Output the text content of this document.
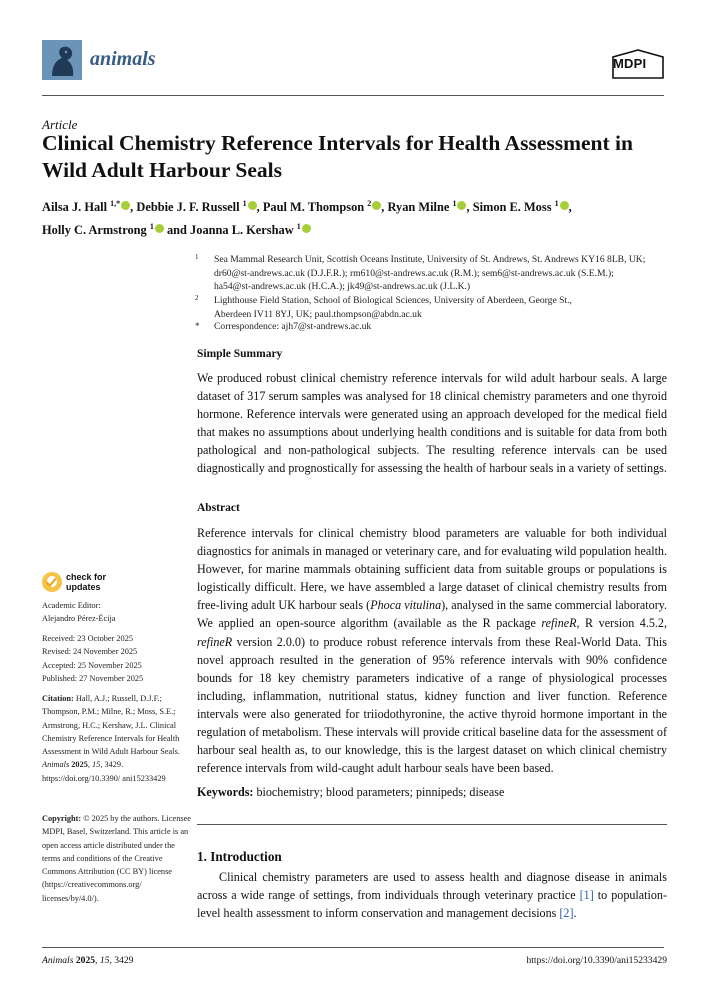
animals	MDPI
Article
Clinical Chemistry Reference Intervals for Health Assessment in
Wild Adult Harbour Seals
Ailsa J. Hall $^{1,*}$ , Debbie J. F. Russell $^1$ , Paul M. Thompson $^2$ , Ryan Milne $^1$ , Simon E. Moss $^1$ ,
Holly C. Armstrong $^1$ and Joanna L. Kershaw $^1$
1 Sea Mammal Research Unit, Scottish Oceans Institute, University of St. Andrews, St. Andrews KY16 8LB, UK;
dr60@st-andrews.ac.uk (D.J.F.R.); rm610@st-andrews.ac.uk (R.M.); sem6@st-andrews.ac.uk (S.E.M.);
ha54@st-andrews.ac.uk (H.C.A.); jk49@st-andrews.ac.uk (J.L.K.)
2 Lighthouse Field Station, School of Biological Sciences, University of Aberdeen, George St.,
Aberdeen IV11 8YJ, UK; paul.thompson@abdn.ac.uk
* Correspondence: ajh7@st-andrews.ac.uk
Simple Summary

We produced robust clinical chemistry reference intervals for wild adult harbour seals. A large dataset of 317 serum samples was analysed for 18 clinical chemistry parameters and one thyroid hormone. Reference intervals were generated using an approach developed for the medical field that makes no assumptions about underlying health conditions and is suitable for data from both pathological and non-pathological subjects. The resulting reference intervals can be used diagnostically and prognostically for assessing the health of harbour seals in a variety of settings.

Abstract

Reference intervals for clinical chemistry blood parameters are valuable for both individual diagnostics for animals in managed or veterinary care, and for evaluating wild population health. However, for marine mammals obtaining sufficient data from suitable groups or populations is logistically difficult. Here, we have assembled a large dataset of clinical chemistry results from free-living adult UK harbour seals (Phoca vitulina), analysed in the same commercial laboratory. We applied an open-source algorithm (available as the R package refineR, R version 4.5.2, refineR version 2.0.0) to produce robust reference intervals from these Real-World Data. This novel approach resulted in the generation of 95% reference intervals with 90% confidence bounds for 18 key chemistry parameters indicative of a range of physiological processes including, inflammation, nutritional status, kidney function and liver function. Reference intervals were also generated for triiodothyronine, the active thyroid hormone important in the regulation of metabolism. These intervals will provide critical baseline data for the assessment of harbour seal health as, to our knowledge, this is the largest dataset on which clinical chemistry reference intervals from wild-caught adult harbour seals have been based.

Keywords: biochemistry; blood parameters; pinnipeds; disease
1. Introduction

Clinical chemistry parameters are used to assess health and diagnose disease in animals across a wide range of settings, from individuals through veterinary practice [1] to population-level health assessment to inform conservation and management decisions [2].

check for
updates
Academic Editor:
Alejandro Pérez-Écija
Received: 23 October 2025
Revised: 24 November 2025
Accepted: 25 November 2025
Published: 27 November 2025
Citation: Hall, A.J.; Russell, D.J.F.; Thompson, P.M.; Milne, R.; Moss, S.E.; Armstrong, H.C.; Kershaw, J.L. Clinical Chemistry Reference Intervals for Health Assessment in Wild Adult Harbour Seals. Animals 2025, 15, 3429. https://doi.org/10.3390/ ani15233429
Copyright: © 2025 by the authors. Licensee MDPI, Basel, Switzerland. This article is an open access article distributed under the terms and conditions of the Creative Commons Attribution (CC BY) license (https://creativecommons.org/ licenses/by/4.0/).
Animals 2025, 15, 3429	https://doi.org/10.3390/ani15233429
